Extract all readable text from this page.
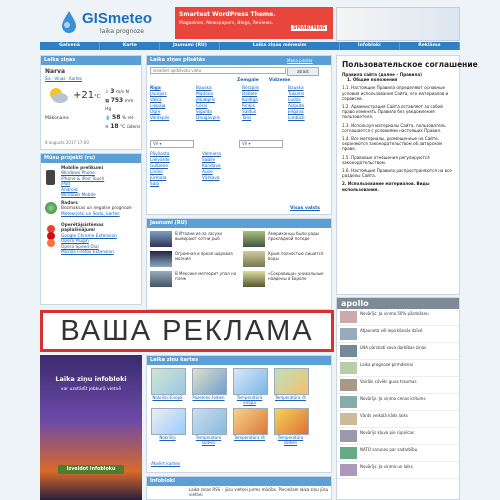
GISmeteo
laika prognoze
Smartest WordPress Theme.
Magazines, Newspapers, Blogs, Reviews.
SMARTMAG
Galvenā	Karte	Jaunumi (RU)	Laika ziņas mēnesim	Infobloki	Reklāma
Laika ziņas
Narva
Šis · Viņas · Kartes
+21°C
⇩ 3 m/s N
▦ 753 mm Hg
💧 58 % rel.
≋ 18 °C ūdens
Mākoņains
8 augusts 2017 17:00
Mūsu projekti (ru)
Mobilie prelikumi
Windows Phone
iPhone & iPod Touch
iPad
Android
Windows Mobile
Radars
Bezmaksas un negalse prognoze
Meteorjolsi un Sodu, kartes
Operētājsistēmas paplašinājumi
Google Chrome Extension
Opera Plugin
Opera Speed Dial
Mozilla Firefox Extension
Laika ziņas pilsētās
ievadiet apdzīvotu vietu
atrast
Mana pilsēta
Zemgale Vidzeme
Rīga	Bauska	Bērzpils	Bauska
Jaunpils	Madona	Dobele	Tukums
Valka	Jēkabpils	Kuldīga	Ludza
Liepāja	Cēsis	Riņķis	Aizpute
Ogre	Sigulda	Saldus	Jelgava
Ventspils	Daugavpils	Talsi	Limbaži
Vē ▾	Vē ▾
Pāvilosta	Valmiera
Lielvārde	Sabile
Gulbene	Kandava
Līvāni	Auce
Jūrmala	Vārkava
Sala
Visas valsts
Jaunumi (RU)
В Италии из-за засухи вымирают сотни рыб
Американцы были рады прохладной погоде
Огромная и яркая шаровая молния
Крым полностью лишится воды
В Мексике метеорит упал на пляж
«Сокровища» уникальные найдены в Европе
Пользовательское соглашение
Правила сайта (далее – Правила)
1. Общие положения
1.1. Настоящие Правила определяют основные условия использования Сайта, его материалов и сервисов.
1.2. Администрация Сайта оставляет за собой право изменять Правила без уведомления пользователя.
1.3. Используя материалы Сайта, пользователь соглашается с условиями настоящих Правил.
1.4. Все материалы, размещенные на Сайте, охраняются законодательством об авторском праве.
1.5. Правовые отношения регулируются законодательством.
1.6. Настоящие Правила распространяются на все разделы Сайта.
2. Использование материалов. Виды использования.
apollo
Novārījs: Ja viņma 50% pārdošanu
Atjaunota vēl iepirkšanās dzīvē
LNA pārskati sava darbības ziņas
Laika prognoze pirmdienai
Vairāki cilvēki guva traumas
Novārījs: Ja viņma cenas kritums
Vārds veikalā kāds laiks
Novārījs kļuva pie rūpnīcas
NATO sarunas par sadarbību
Novārījs: Ja viņma un laiks
Laika ziņu kartes
Nokrišņi Eiropā	Pazemes šodien	Temperatūra eiropā
Temperatūra rīt
Nokrišņi	Temperatūra šodien
Temperatūra rīt	Temperatūra šodien
Atvērt kartes
Infobloki
Laika ziņas RSS – jūsu vietnei pirms mācībs. Pieciešam laika ziņu jūsu vietnei
Laika ziņu infobloki
var uzstādīt jebkurā vietnē
Izveidot infobloku
ВАША РЕКЛАМА
